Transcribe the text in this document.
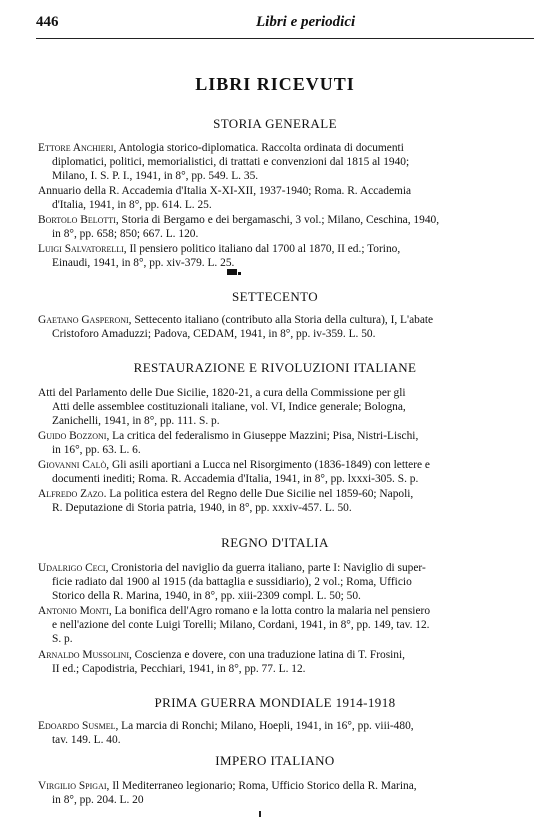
446	Libri e periodici
LIBRI RICEVUTI
STORIA GENERALE
Ettore Anchieri, Antologia storico-diplomatica. Raccolta ordinata di documenti
diplomatici, politici, memorialistici, di trattati e convenzioni dal 1815 al 1940;
Milano, I. S. P. I., 1941, in 8°, pp. 549. L. 35.
Annuario della R. Accademia d'Italia X-XI-XII, 1937-1940; Roma. R. Accademia
d'Italia, 1941, in 8°, pp. 614. L. 25.
Bortolo Belotti, Storia di Bergamo e dei bergamaschi, 3 vol.; Milano, Ceschina, 1940,
in 8°, pp. 658; 850; 667. L. 120.
Luigi Salvatorelli, Il pensiero politico italiano dal 1700 al 1870, II ed.; Torino,
Einaudi, 1941, in 8°, pp. xiv-379. L. 25.
SETTECENTO
Gaetano Gasperoni, Settecento italiano (contributo alla Storia della cultura), I, L'abate
Cristoforo Amaduzzi; Padova, CEDAM, 1941, in 8°, pp. iv-359. L. 50.
RESTAURAZIONE E RIVOLUZIONI ITALIANE
Atti del Parlamento delle Due Sicilie, 1820-21, a cura della Commissione per gli
Atti delle assemblee costituzionali italiane, vol. VI, Indice generale; Bologna,
Zanichelli, 1941, in 8°, pp. 111. S. p.
Guido Bozzoni, La critica del federalismo in Giuseppe Mazzini; Pisa, Nistri-Lischi,
in 16°, pp. 63. L. 6.
Giovanni Calò, Gli asili aportiani a Lucca nel Risorgimento (1836-1849) con lettere e
documenti inediti; Roma. R. Accademia d'Italia, 1941, in 8°, pp. lxxxi-305. S. p.
Alfredo Zazo. La politica estera del Regno delle Due Sicilie nel 1859-60; Napoli,
R. Deputazione di Storia patria, 1940, in 8°, pp. xxxiv-457. L. 50.
REGNO D'ITALIA
Udalrigo Ceci, Cronistoria del naviglio da guerra italiano, parte I: Naviglio di super-
ficie radiato dal 1900 al 1915 (da battaglia e sussidiario), 2 vol.; Roma, Ufficio
Storico della R. Marina, 1940, in 8°, pp. xiii-2309 compl. L. 50; 50.
Antonio Monti, La bonifica dell'Agro romano e la lotta contro la malaria nel pensiero
e nell'azione del conte Luigi Torelli; Milano, Cordani, 1941, in 8°, pp. 149, tav. 12.
S. p.
Arnaldo Mussolini, Coscienza e dovere, con una traduzione latina di T. Frosini,
II ed.; Capodistria, Pecchiari, 1941, in 8°, pp. 77. L. 12.
PRIMA GUERRA MONDIALE 1914-1918
Edoardo Susmel, La marcia di Ronchi; Milano, Hoepli, 1941, in 16°, pp. viii-480,
tav. 149. L. 40.
IMPERO ITALIANO
Virgilio Spigai, Il Mediterraneo legionario; Roma, Ufficio Storico della R. Marina,
in 8°, pp. 204. L. 20
